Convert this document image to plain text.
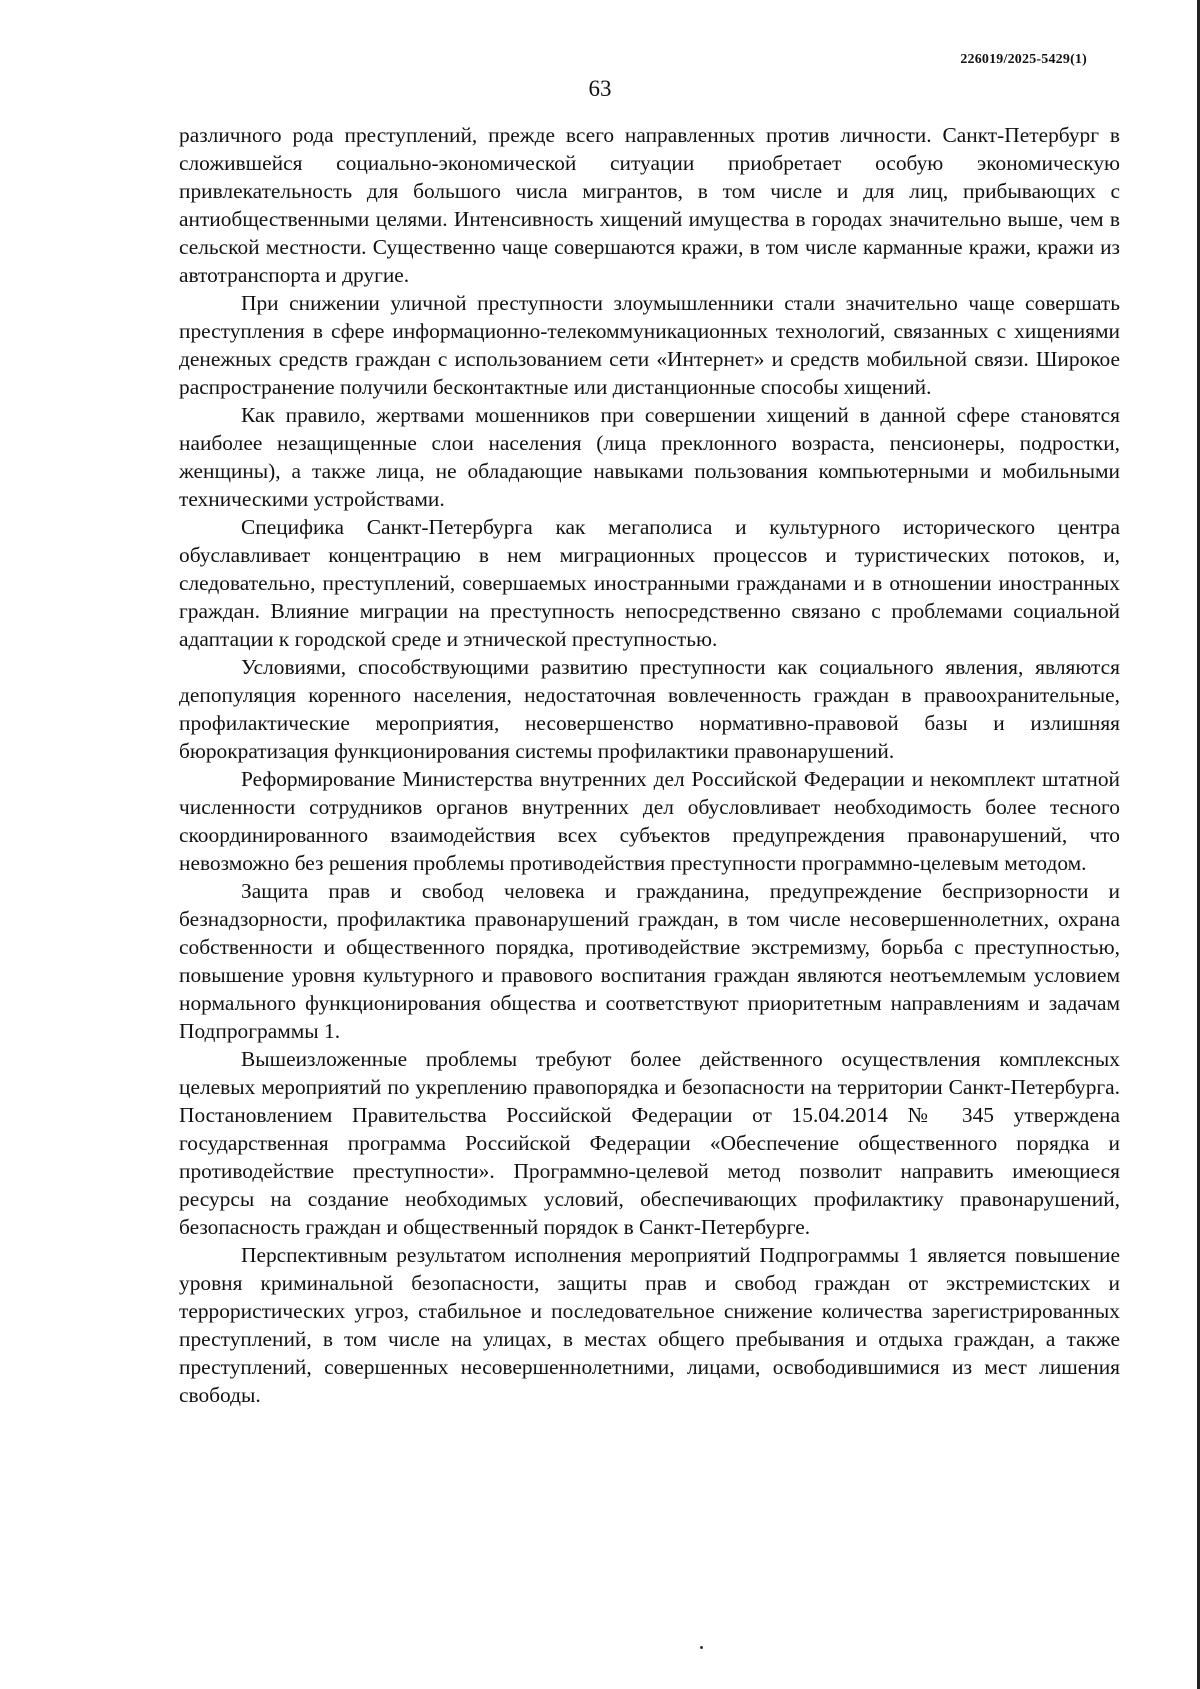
226019/2025-5429(1)
63

различного рода преступлений, прежде всего направленных против личности. Санкт-Петербург в сложившейся социально-экономической ситуации приобретает особую экономическую привлекательность для большого числа мигрантов, в том числе и для лиц, прибывающих с антиобщественными целями. Интенсивность хищений имущества в городах значительно выше, чем в сельской местности. Существенно чаще совершаются кражи, в том числе карманные кражи, кражи из автотранспорта и другие.

При снижении уличной преступности злоумышленники стали значительно чаще совершать преступления в сфере информационно-телекоммуникационных технологий, связанных с хищениями денежных средств граждан с использованием сети «Интернет» и средств мобильной связи. Широкое распространение получили бесконтактные или дистанционные способы хищений.

Как правило, жертвами мошенников при совершении хищений в данной сфере становятся наиболее незащищенные слои населения (лица преклонного возраста, пенсионеры, подростки, женщины), а также лица, не обладающие навыками пользования компьютерными и мобильными техническими устройствами.

Специфика Санкт-Петербурга как мегаполиса и культурного исторического центра обуславливает концентрацию в нем миграционных процессов и туристических потоков, и, следовательно, преступлений, совершаемых иностранными гражданами и в отношении иностранных граждан. Влияние миграции на преступность непосредственно связано с проблемами социальной адаптации к городской среде и этнической преступностью.

Условиями, способствующими развитию преступности как социального явления, являются депопуляция коренного населения, недостаточная вовлеченность граждан в правоохранительные, профилактические мероприятия, несовершенство нормативно-правовой базы и излишняя бюрократизация функционирования системы профилактики правонарушений.

Реформирование Министерства внутренних дел Российской Федерации и некомплект штатной численности сотрудников органов внутренних дел обусловливает необходимость более тесного скоординированного взаимодействия всех субъектов предупреждения правонарушений, что невозможно без решения проблемы противодействия преступности программно-целевым методом.

Защита прав и свобод человека и гражданина, предупреждение беспризорности и безнадзорности, профилактика правонарушений граждан, в том числе несовершеннолетних, охрана собственности и общественного порядка, противодействие экстремизму, борьба с преступностью, повышение уровня культурного и правового воспитания граждан являются неотъемлемым условием нормального функционирования общества и соответствуют приоритетным направлениям и задачам Подпрограммы 1.

Вышеизложенные проблемы требуют более действенного осуществления комплексных целевых мероприятий по укреплению правопорядка и безопасности на территории Санкт-Петербурга. Постановлением Правительства Российской Федерации от 15.04.2014 № 345 утверждена государственная программа Российской Федерации «Обеспечение общественного порядка и противодействие преступности». Программно-целевой метод позволит направить имеющиеся ресурсы на создание необходимых условий, обеспечивающих профилактику правонарушений, безопасность граждан и общественный порядок в Санкт-Петербурге.

Перспективным результатом исполнения мероприятий Подпрограммы 1 является повышение уровня криминальной безопасности, защиты прав и свобод граждан от экстремистских и террористических угроз, стабильное и последовательное снижение количества зарегистрированных преступлений, в том числе на улицах, в местах общего пребывания и отдыха граждан, а также преступлений, совершенных несовершеннолетними, лицами, освободившимися из мест лишения свободы.
